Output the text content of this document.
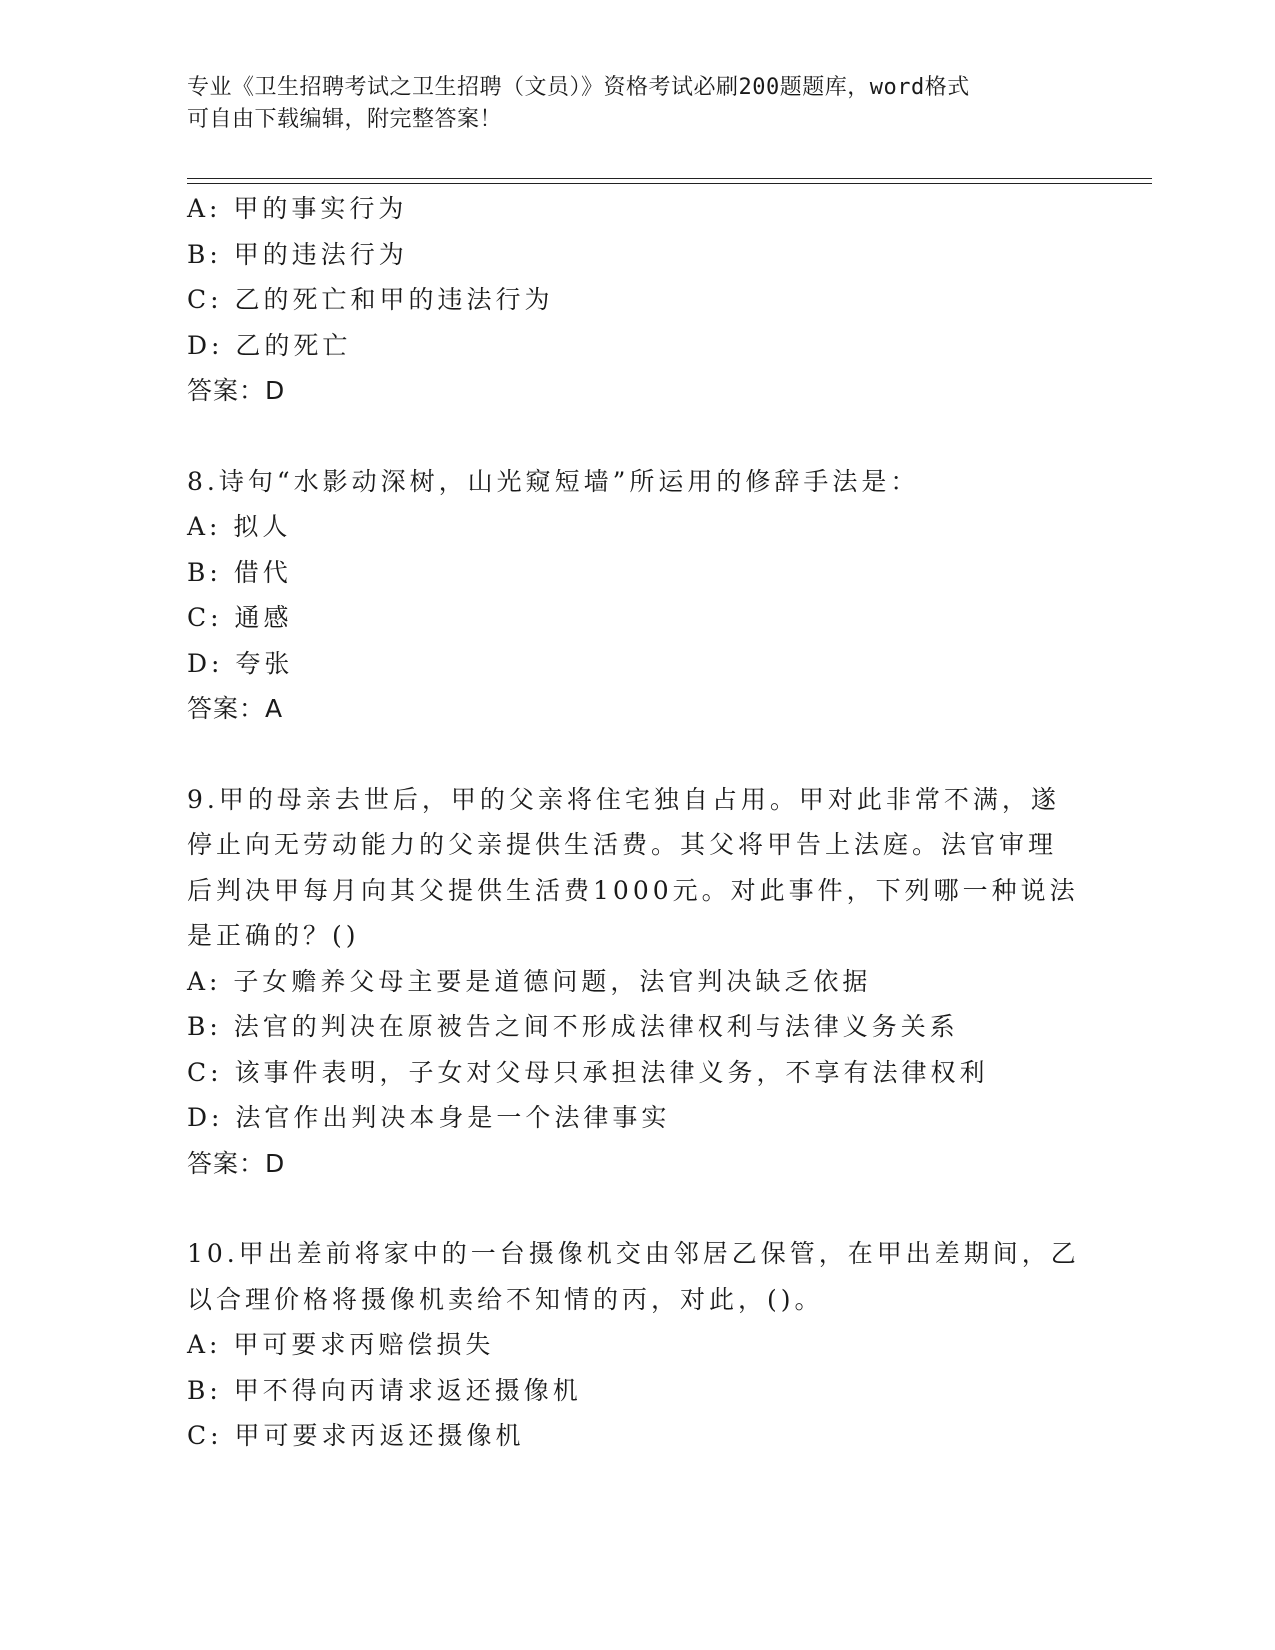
专业《卫生招聘考试之卫生招聘（文员）》资格考试必刷200题题库，word格式
可自由下载编辑，附完整答案！
A: 甲的事实行为
B: 甲的违法行为
C: 乙的死亡和甲的违法行为
D: 乙的死亡
答案：D
8.诗句“水影动深树，山光窥短墙”所运用的修辞手法是：
A: 拟人
B: 借代
C: 通感
D: 夸张
答案：A
9.甲的母亲去世后，甲的父亲将住宅独自占用。甲对此非常不满，遂
停止向无劳动能力的父亲提供生活费。其父将甲告上法庭。法官审理
后判决甲每月向其父提供生活费1000元。对此事件，下列哪一种说法
是正确的？()
A: 子女赡养父母主要是道德问题，法官判决缺乏依据
B: 法官的判决在原被告之间不形成法律权利与法律义务关系
C: 该事件表明，子女对父母只承担法律义务，不享有法律权利
D: 法官作出判决本身是一个法律事实
答案：D
10.甲出差前将家中的一台摄像机交由邻居乙保管，在甲出差期间，乙
以合理价格将摄像机卖给不知情的丙，对此，()。
A: 甲可要求丙赔偿损失
B: 甲不得向丙请求返还摄像机
C: 甲可要求丙返还摄像机
